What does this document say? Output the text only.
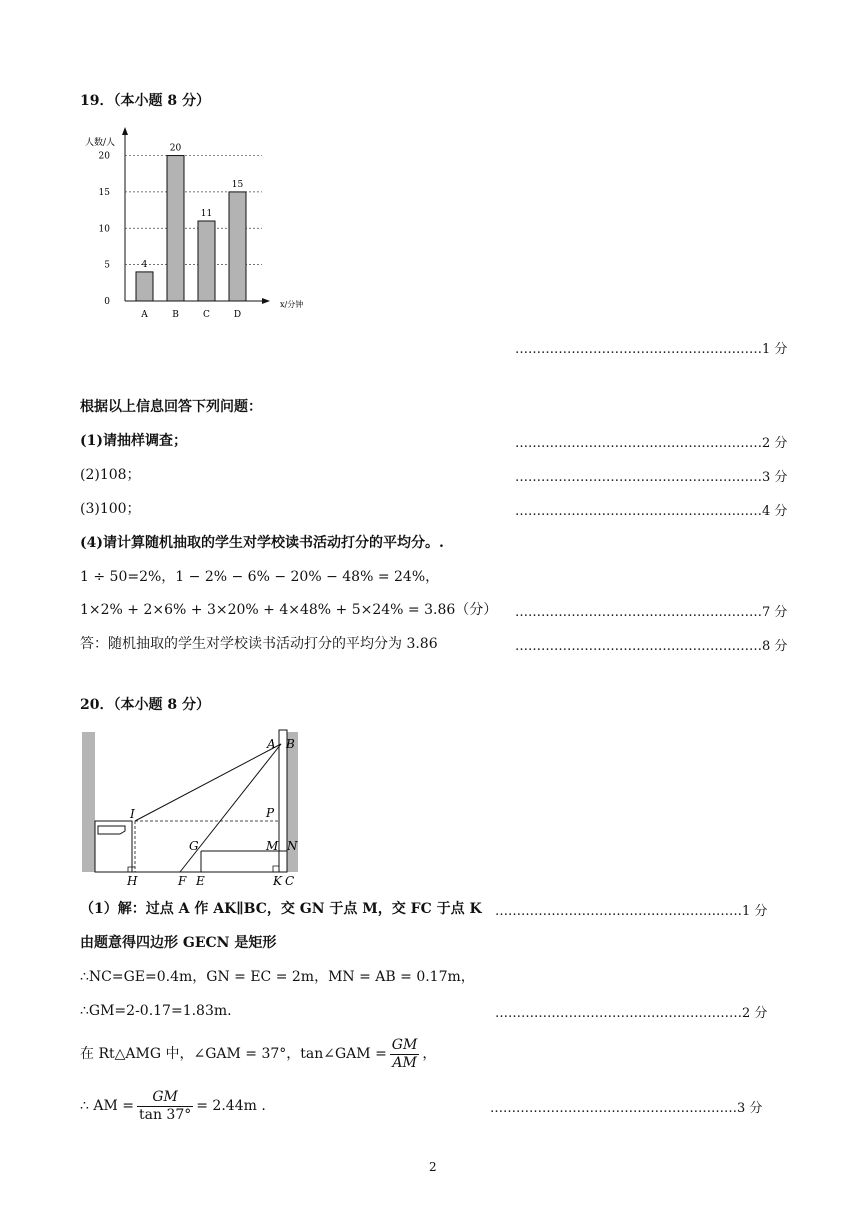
19．（本小题 8 分）
人数/人
x/分钟
0
5
10
15
20
4
A
20
B
11
C
15
D
…………………………………………………1 分
根据以上信息回答下列问题：
(1)请抽样调查；	…………………………………………………2 分
(2)108；	…………………………………………………3 分
(3)100；	…………………………………………………4 分
(4)请计算随机抽取的学生对学校读书活动打分的平均分。.
1 ÷ 50=2%，1 − 2% − 6% − 20% − 48% = 24%，
1×2% + 2×6% + 3×20% + 4×48% + 5×24% = 3.86（分） …………………………………………………7 分
答：随机抽取的学生对学校读书活动打分的平均分为 3.86	…………………………………………………8 分
20．（本小题 8 分）
A B
I	P
G	M N
H	F E	K C
（1）解：过点 A 作 AK∥BC，交 GN 于点 M，交 FC 于点 K …………………………………………………1 分
由题意得四边形 GECN 是矩形
∴NC=GE=0.4m，GN = EC = 2m，MN = AB = 0.17m，
∴GM=2-0.17=1.83m.	…………………………………………………2 分
在 Rt△AMG 中，∠GAM = 37°，tan∠GAM = $\frac{GM}{AM}$ ，
∴ AM = $\frac{GM}{\tan 37^\circ} = 2.44m$ .	…………………………………………………3 分
2
